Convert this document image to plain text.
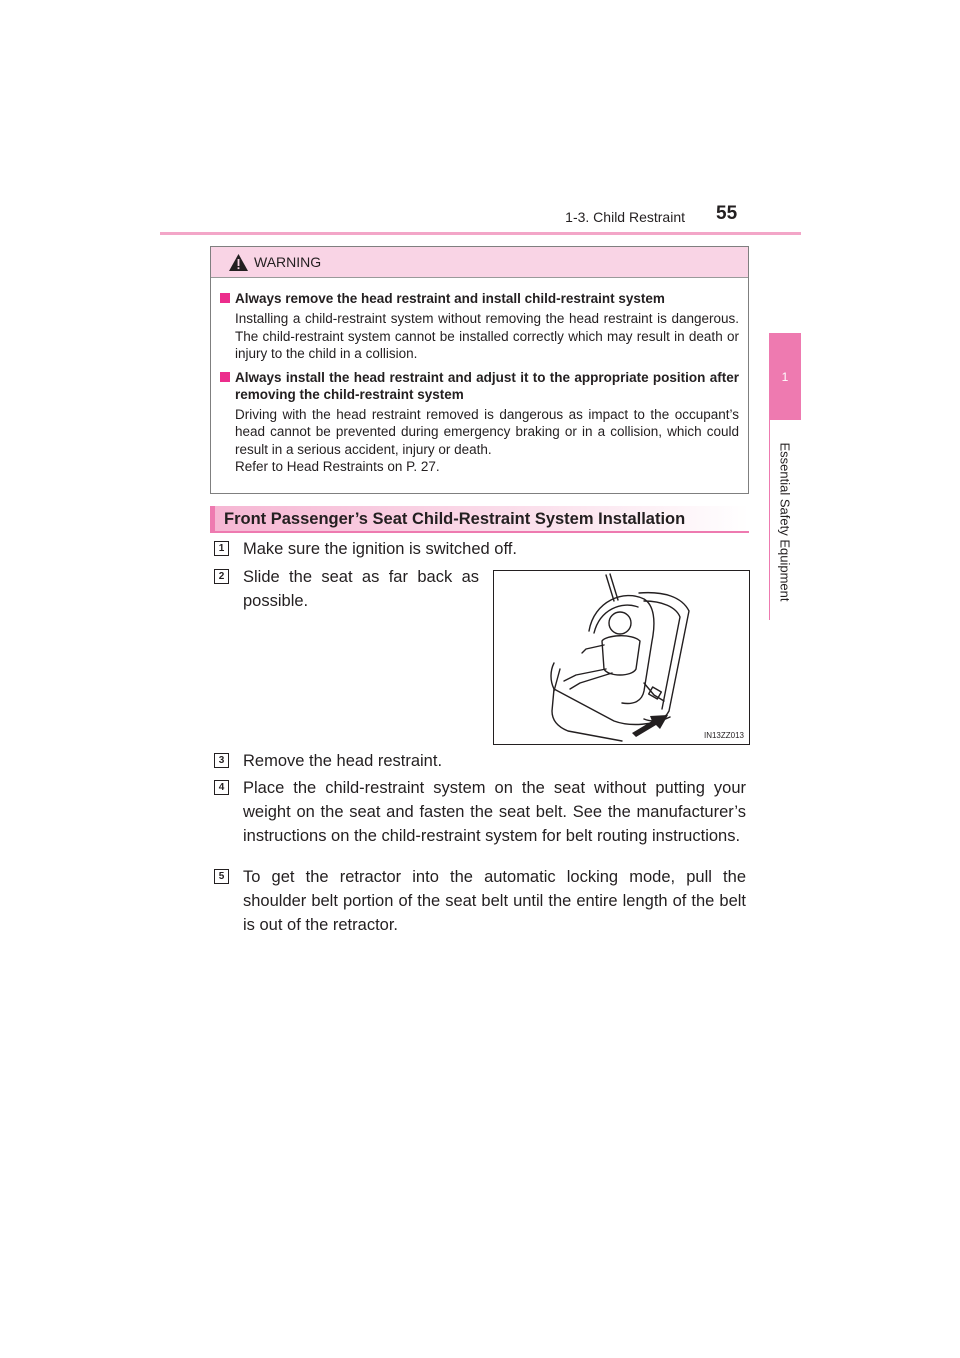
1-3. Child Restraint 55
1
Essential Safety Equipment
WARNING
Always remove the head restraint and install child-restraint system
Installing a child-restraint system without removing the head restraint is dangerous. The child-restraint system cannot be installed correctly which may result in death or injury to the child in a collision.
Always install the head restraint and adjust it to the appropriate position after removing the child-restraint system
Driving with the head restraint removed is dangerous as impact to the occupant’s head cannot be prevented during emergency braking or in a collision, which could result in a serious accident, injury or death.
Refer to Head Restraints on P. 27.
Front Passenger’s Seat Child-Restraint System Installation
1 Make sure the ignition is switched off.
2 Slide the seat as far back as possible.
IN13ZZ013
3 Remove the head restraint.
4 Place the child-restraint system on the seat without putting your weight on the seat and fasten the seat belt. See the manufacturer’s instructions on the child-restraint system for belt routing instructions.
5 To get the retractor into the automatic locking mode, pull the shoulder belt portion of the seat belt until the entire length of the belt is out of the retractor.
